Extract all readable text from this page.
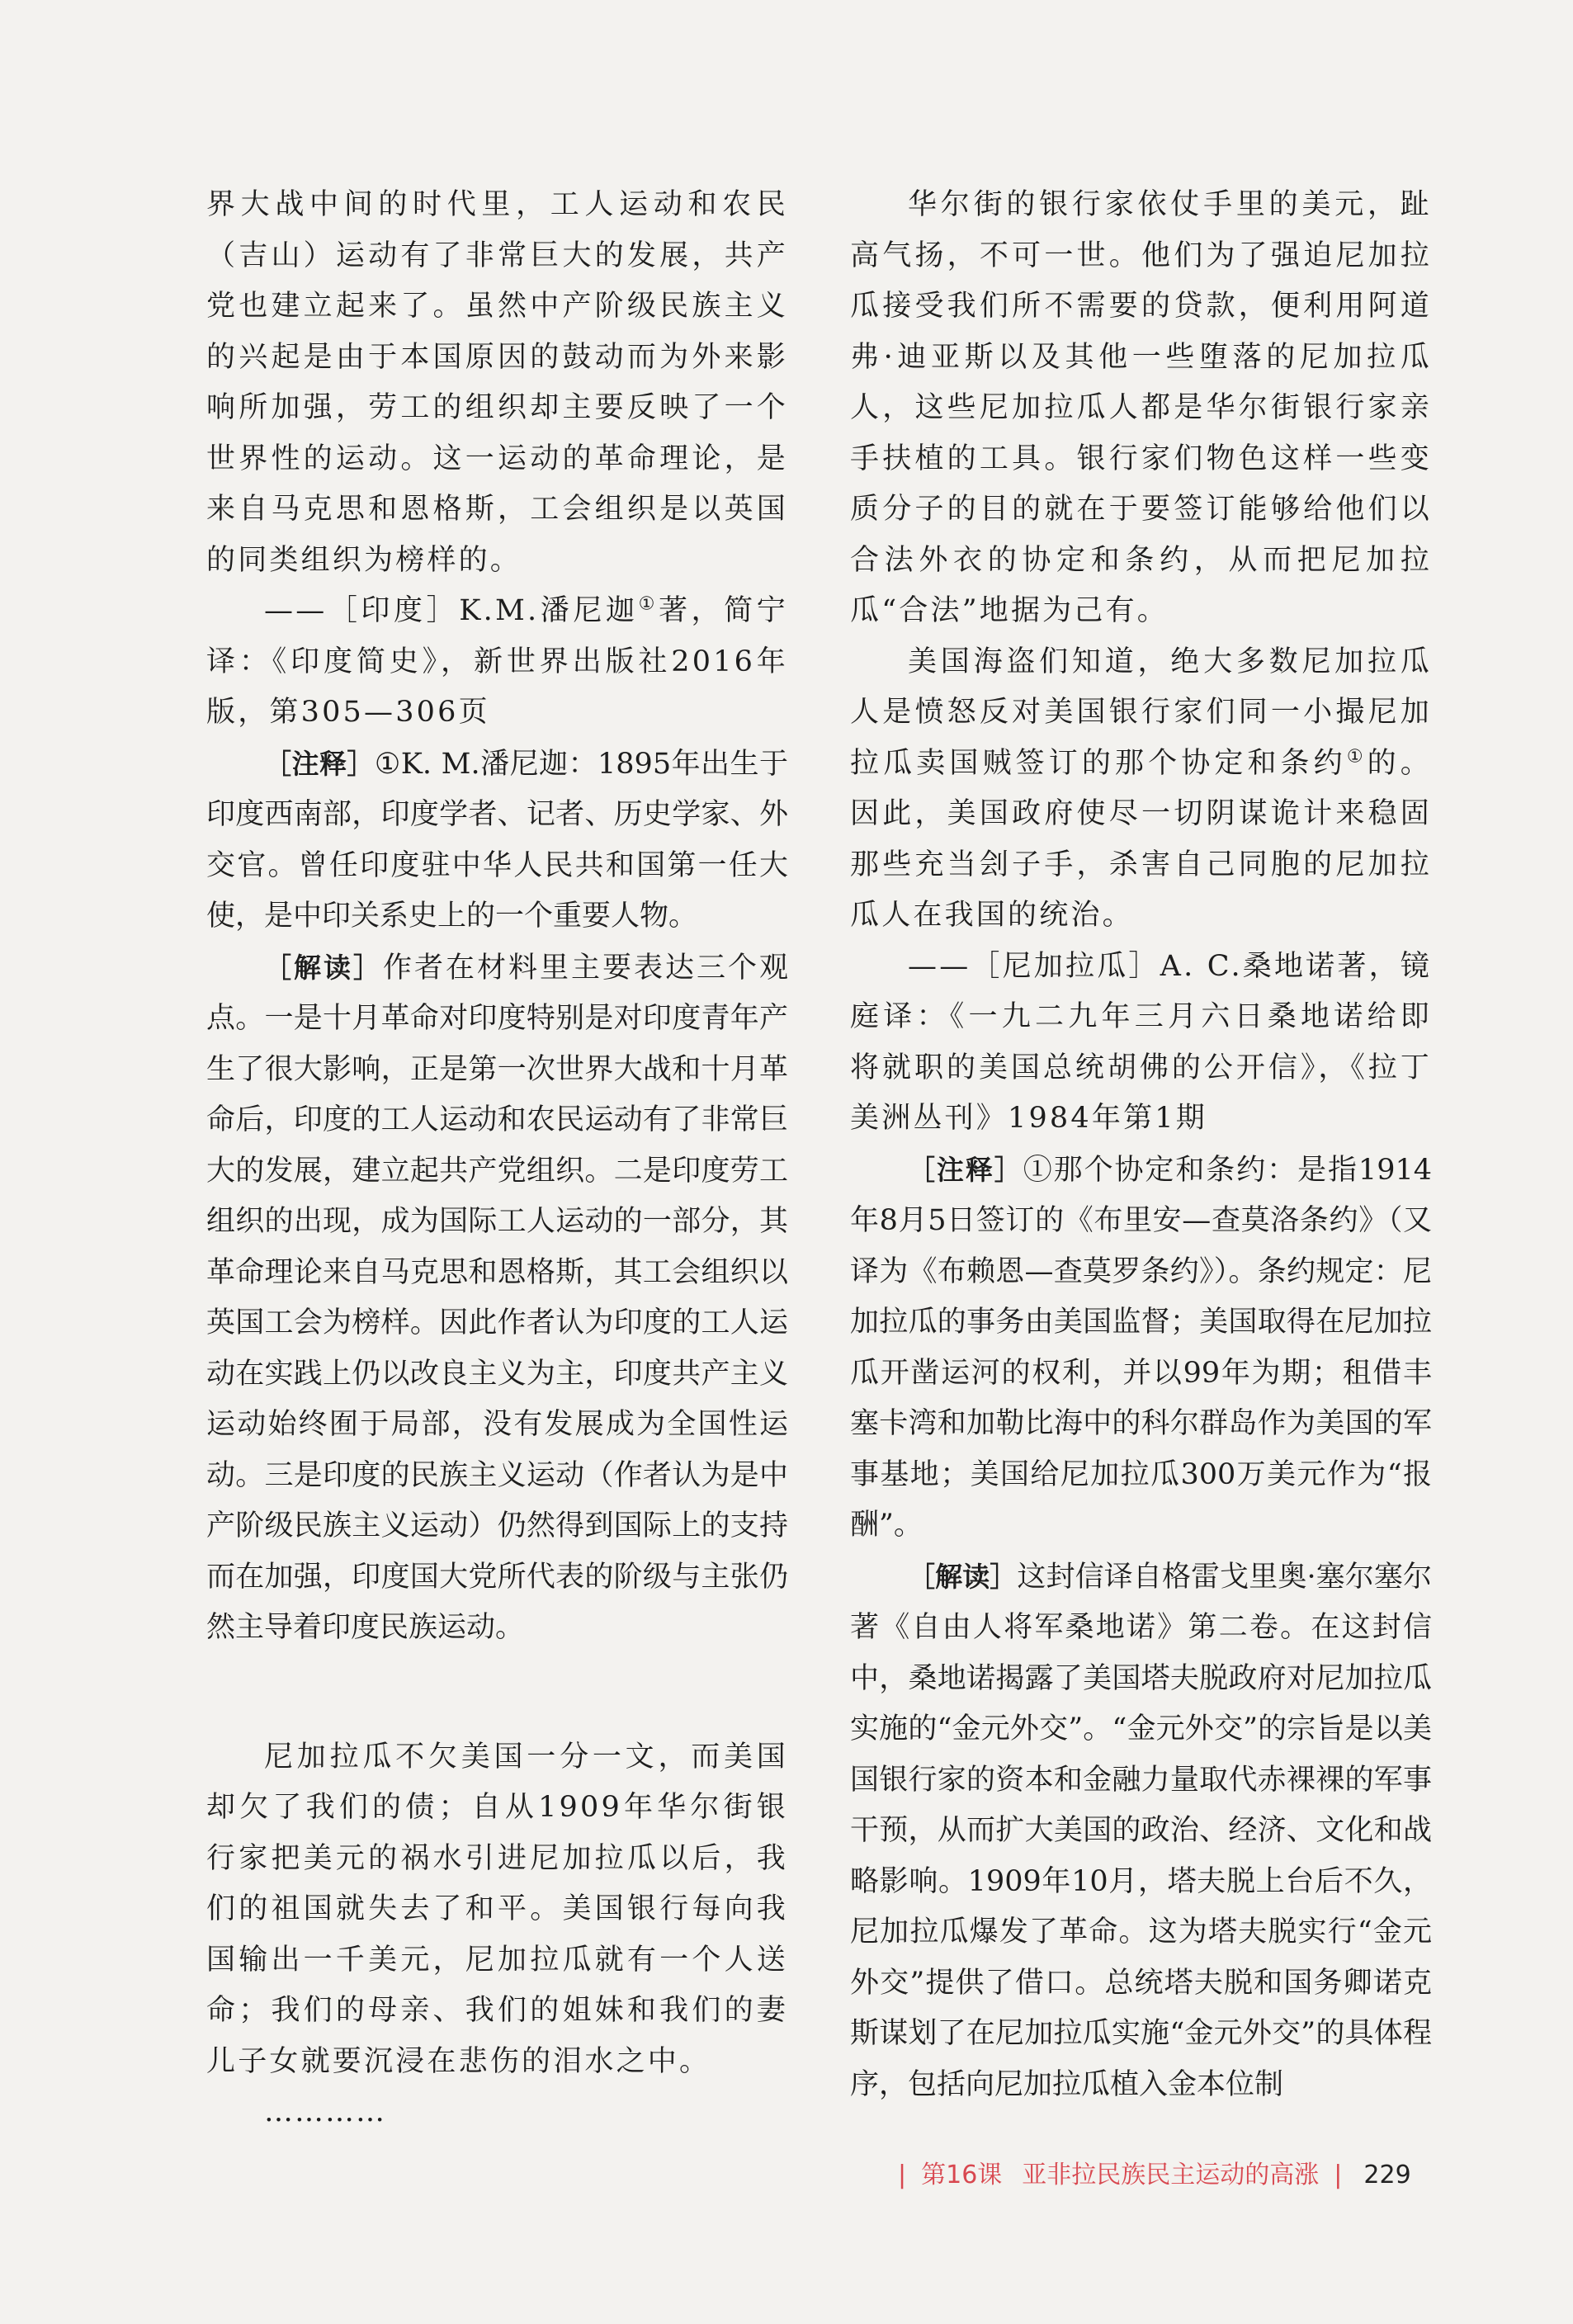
界大战中间的时代里，工人运动和农民（吉山）运动有了非常巨大的发展，共产党也建立起来了。虽然中产阶级民族主义的兴起是由于本国原因的鼓动而为外来影响所加强，劳工的组织却主要反映了一个世界性的运动。这一运动的革命理论，是来自马克思和恩格斯，工会组织是以英国的同类组织为榜样的。

——［印度］K.M.潘尼迦①著，简宁译：《印度简史》，新世界出版社2016年版，第305—306页

［注释］①K. M.潘尼迦：1895年出生于印度西南部，印度学者、记者、历史学家、外交官。曾任印度驻中华人民共和国第一任大使，是中印关系史上的一个重要人物。

［解读］作者在材料里主要表达三个观点。一是十月革命对印度特别是对印度青年产生了很大影响，正是第一次世界大战和十月革命后，印度的工人运动和农民运动有了非常巨大的发展，建立起共产党组织。二是印度劳工组织的出现，成为国际工人运动的一部分，其革命理论来自马克思和恩格斯，其工会组织以英国工会为榜样。因此作者认为印度的工人运动在实践上仍以改良主义为主，印度共产主义运动始终囿于局部，没有发展成为全国性运动。三是印度的民族主义运动（作者认为是中产阶级民族主义运动）仍然得到国际上的支持而在加强，印度国大党所代表的阶级与主张仍然主导着印度民族运动。

尼加拉瓜不欠美国一分一文，而美国却欠了我们的债；自从1909年华尔街银行家把美元的祸水引进尼加拉瓜以后，我们的祖国就失去了和平。美国银行每向我国输出一千美元，尼加拉瓜就有一个人送命；我们的母亲、我们的姐妹和我们的妻儿子女就要沉浸在悲伤的泪水之中。

…………

华尔街的银行家依仗手里的美元，趾高气扬，不可一世。他们为了强迫尼加拉瓜接受我们所不需要的贷款，便利用阿道弗·迪亚斯以及其他一些堕落的尼加拉瓜人，这些尼加拉瓜人都是华尔街银行家亲手扶植的工具。银行家们物色这样一些变质分子的目的就在于要签订能够给他们以合法外衣的协定和条约，从而把尼加拉瓜“合法”地据为己有。

美国海盗们知道，绝大多数尼加拉瓜人是愤怒反对美国银行家们同一小撮尼加拉瓜卖国贼签订的那个协定和条约①的。因此，美国政府使尽一切阴谋诡计来稳固那些充当刽子手，杀害自己同胞的尼加拉瓜人在我国的统治。

——［尼加拉瓜］A. C.桑地诺著，镜庭译：《一九二九年三月六日桑地诺给即将就职的美国总统胡佛的公开信》，《拉丁美洲丛刊》1984年第1期

［注释］①那个协定和条约：是指1914年8月5日签订的《布里安—查莫洛条约》（又译为《布赖恩—查莫罗条约》）。条约规定：尼加拉瓜的事务由美国监督；美国取得在尼加拉瓜开凿运河的权利，并以99年为期；租借丰塞卡湾和加勒比海中的科尔群岛作为美国的军事基地；美国给尼加拉瓜300万美元作为“报酬”。

［解读］这封信译自格雷戈里奥·塞尔塞尔著《自由人将军桑地诺》第二卷。在这封信中，桑地诺揭露了美国塔夫脱政府对尼加拉瓜实施的“金元外交”。“金元外交”的宗旨是以美国银行家的资本和金融力量取代赤裸裸的军事干预，从而扩大美国的政治、经济、文化和战略影响。1909年10月，塔夫脱上台后不久，尼加拉瓜爆发了革命。这为塔夫脱实行“金元外交”提供了借口。总统塔夫脱和国务卿诺克斯谋划了在尼加拉瓜实施“金元外交”的具体程序，包括向尼加拉瓜植入金本位制

| 第16课 亚非拉民族民主运动的高涨 | 229
